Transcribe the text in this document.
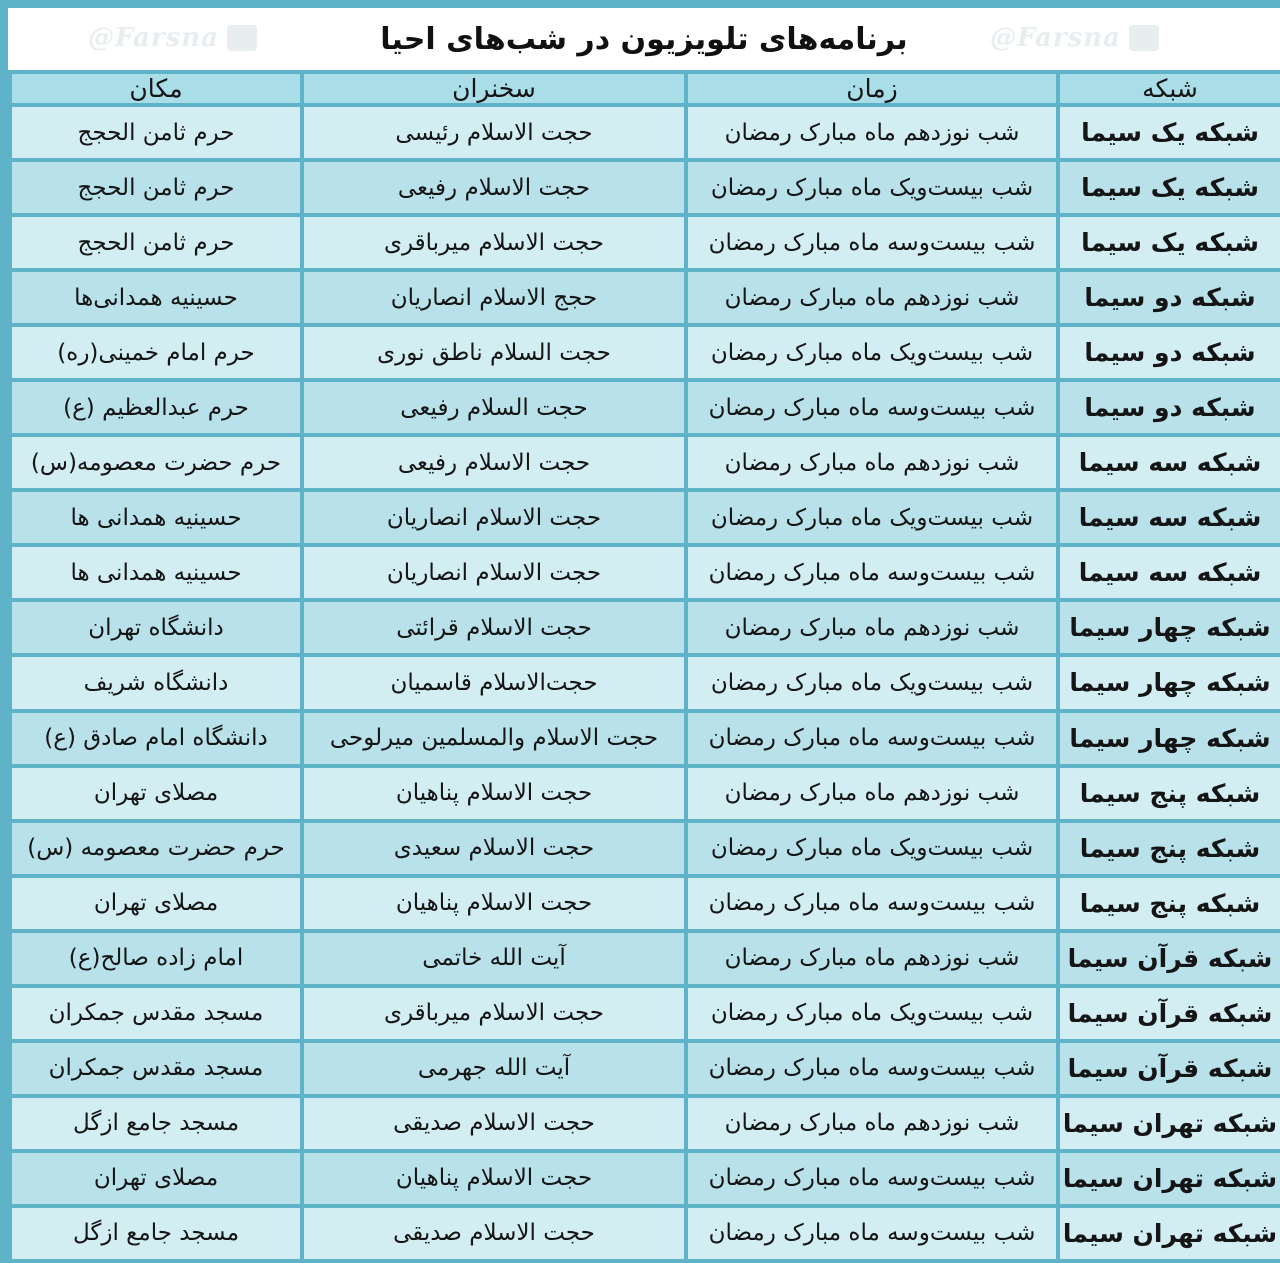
@Farsna	برنامه‌های تلویزیون در شب‌های احیا	@Farsna
شبکه	زمان	سخنران	مکان
شبکه یک سیما	شب نوزدهم ماه مبارک رمضان	حجت الاسلام رئیسی	حرم ثامن الحجج
شبکه یک سیما	شب بیست‌ویک ماه مبارک رمضان	حجت الاسلام رفیعی	حرم ثامن الحجج
شبکه یک سیما	شب بیست‌وسه ماه مبارک رمضان	حجت الاسلام میرباقری	حرم ثامن الحجج
شبکه دو سیما	شب نوزدهم ماه مبارک رمضان	حجج الاسلام انصاریان	حسینیه همدانی‌ها
شبکه دو سیما	شب بیست‌ویک ماه مبارک رمضان	حجت السلام ناطق نوری	حرم امام خمینی(ره)
شبکه دو سیما	شب بیست‌وسه ماه مبارک رمضان	حجت السلام رفیعی	حرم عبدالعظیم (ع)
شبکه سه سیما	شب نوزدهم ماه مبارک رمضان	حجت الاسلام رفیعی	حرم حضرت معصومه(س)
شبکه سه سیما	شب بیست‌ویک ماه مبارک رمضان	حجت الاسلام انصاریان	حسینیه همدانی ها
شبکه سه سیما	شب بیست‌وسه ماه مبارک رمضان	حجت الاسلام انصاریان	حسینیه همدانی ها
شبکه چهار سیما	شب نوزدهم ماه مبارک رمضان	حجت الاسلام قرائتی	دانشگاه تهران
شبکه چهار سیما	شب بیست‌ویک ماه مبارک رمضان	حجت‌الاسلام قاسمیان	دانشگاه شریف
شبکه چهار سیما	شب بیست‌وسه ماه مبارک رمضان	حجت الاسلام والمسلمین میرلوحی	دانشگاه امام صادق (ع)
شبکه پنج سیما	شب نوزدهم ماه مبارک رمضان	حجت الاسلام پناهیان	مصلای تهران
شبکه پنج سیما	شب بیست‌ویک ماه مبارک رمضان	حجت الاسلام سعیدی	حرم حضرت معصومه (س)
شبکه پنج سیما	شب بیست‌وسه ماه مبارک رمضان	حجت الاسلام پناهیان	مصلای تهران
شبکه قرآن سیما	شب نوزدهم ماه مبارک رمضان	آیت الله خاتمی	امام زاده صالح(ع)
شبکه قرآن سیما	شب بیست‌ویک ماه مبارک رمضان	حجت الاسلام میرباقری	مسجد مقدس جمکران
شبکه قرآن سیما	شب بیست‌وسه ماه مبارک رمضان	آیت الله جهرمی	مسجد مقدس جمکران
شبکه تهران سیما	شب نوزدهم ماه مبارک رمضان	حجت الاسلام صدیقی	مسجد جامع ازگل
شبکه تهران سیما	شب بیست‌وسه ماه مبارک رمضان	حجت الاسلام پناهیان	مصلای تهران
شبکه تهران سیما	شب بیست‌وسه ماه مبارک رمضان	حجت الاسلام صدیقی	مسجد جامع ازگل
